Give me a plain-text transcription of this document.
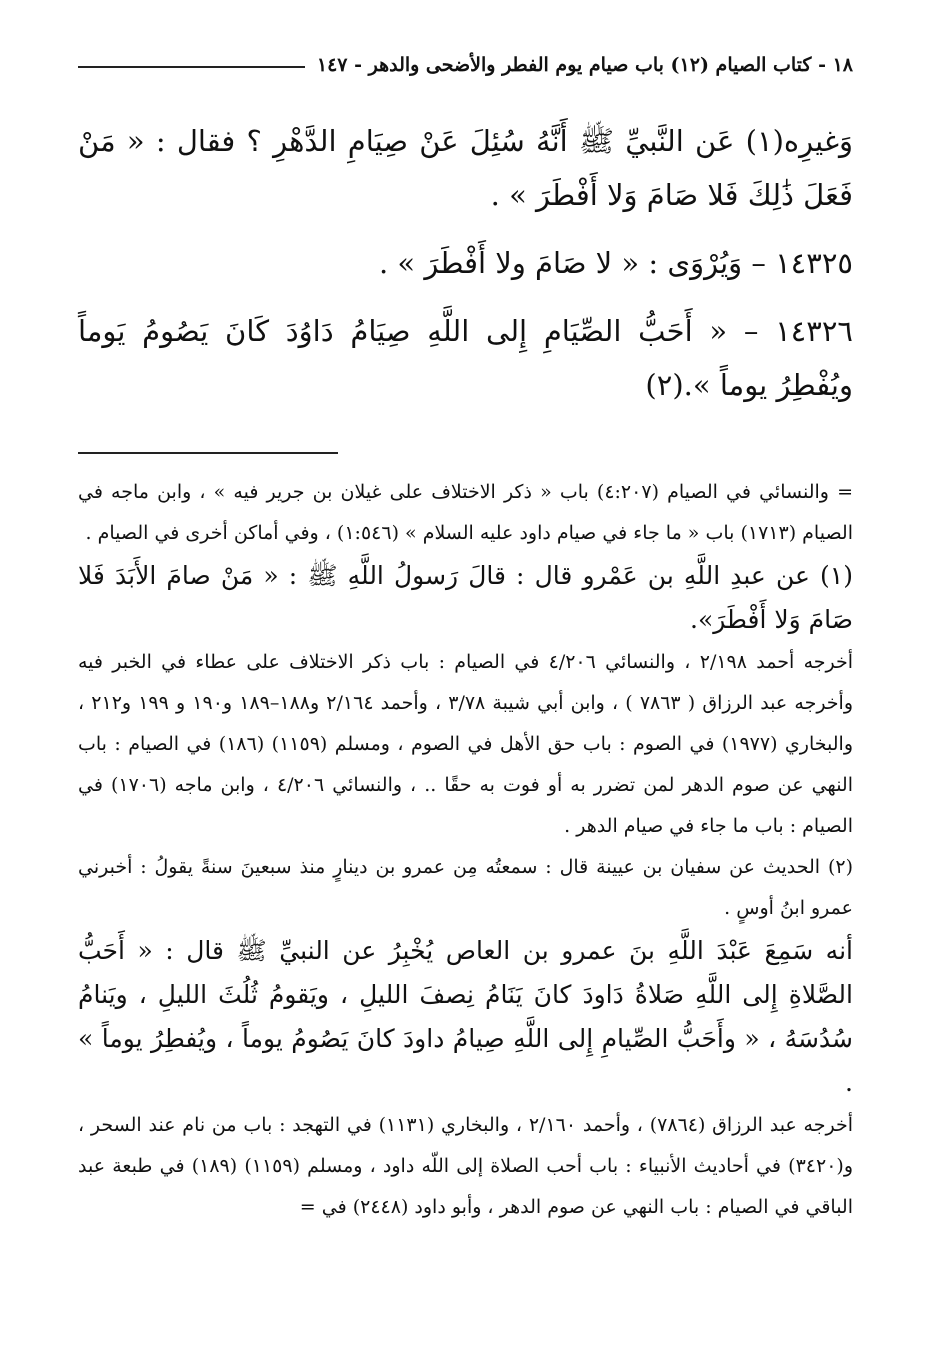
١٨ - كتاب الصيام (١٢) باب صيام يوم الفطر والأضحى والدهر - ١٤٧

وَغيرِه(١) عَن النَّبيِّ ﷺ أَنَّهُ سُئِلَ عَنْ صِيَامِ الدَّهْرِ ؟ فقال : « مَنْ فَعَلَ ذَٰلِكَ فَلا صَامَ وَلا أَفْطَرَ » .

١٤٣٢٥ – وَيُرْوَى : « لا صَامَ ولا أَفْطَرَ » .

١٤٣٢٦ – « أَحَبُّ الصِّيَامِ إِلى اللَّهِ صِيَامُ دَاوُدَ كَانَ يَصُومُ يَوماً ويُفْطِرُ يوماً ».(٢)

= والنسائي في الصيام (٤:٢٠٧) باب « ذكر الاختلاف على غيلان بن جرير فيه » ، وابن ماجه في الصيام (١٧١٣) باب « ما جاء في صيام داود عليه السلام » (١:٥٤٦) ، وفي أماكن أخرى في الصيام .

(١) عن عبدِ اللَّهِ بن عَمْرو قال : قالَ رَسولُ اللَّهِ ﷺ : « مَنْ صامَ الأَبَدَ فَلا صَامَ وَلا أَفْطَرَ».

أخرجه أحمد ٢/١٩٨ ، والنسائي ٤/٢٠٦ في الصيام : باب ذكر الاختلاف على عطاء في الخبر فيه وأخرجه عبد الرزاق ( ٧٨٦٣ ) ، وابن أبي شيبة ٣/٧٨ ، وأحمد ٢/١٦٤ و١٨٨–١٨٩ و١٩٠ و ١٩٩ و٢١٢ ، والبخاري (١٩٧٧) في الصوم : باب حق الأهل في الصوم ، ومسلم (١١٥٩) (١٨٦) في الصيام : باب النهي عن صوم الدهر لمن تضرر به أو فوت به حقًا .. ، والنسائي ٤/٢٠٦ ، وابن ماجه (١٧٠٦) في الصيام : باب ما جاء في صيام الدهر .

(٢) الحديث عن سفيان بن عيينة قال : سمعتُه مِن عمرو بن دينارٍ منذ سبعينَ سنةً يقولُ : أخبرني عمرو ابنُ أوسٍ .

أنه سَمِعَ عَبْدَ اللَّهِ بنَ عمرو بن العاص يُخْبِرُ عن النبيِّ ﷺ قال : « أَحَبُّ الصَّلاةِ إِلى اللَّهِ صَلاةُ دَاودَ كانَ يَنَامُ نِصفَ الليلِ ، ويَقومُ ثُلُثَ الليلِ ، ويَنامُ سُدُسَهُ ، « وأَحَبُّ الصِّيامِ إِلى اللَّهِ صِيامُ داودَ كانَ يَصُومُ يوماً ، ويُفطِرُ يوماً » .

أخرجه عبد الرزاق (٧٨٦٤) ، وأحمد ٢/١٦٠ ، والبخاري (١١٣١) في التهجد : باب من نام عند السحر ، و(٣٤٢٠) في أحاديث الأنبياء : باب أحب الصلاة إلى اللّه داود ، ومسلم (١١٥٩) (١٨٩) في طبعة عبد الباقي في الصيام : باب النهي عن صوم الدهر ، وأبو داود (٢٤٤٨) في =
